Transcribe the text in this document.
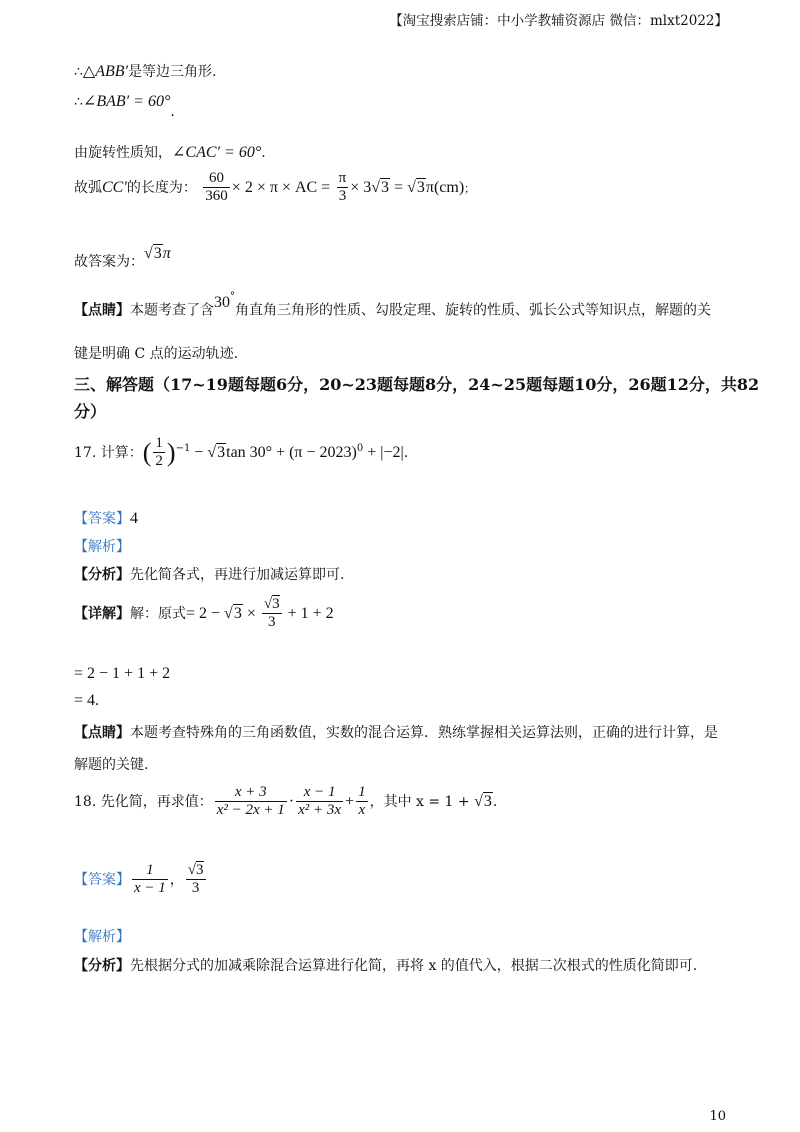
【淘宝搜索店铺：中小学教辅资源店 微信：mlxt2022】
∴△ABB′是等边三角形.
∴∠BAB′ = 60°.
由旋转性质知，∠CAC′ = 60°.
故弧CC′的长度为： $\frac{60}{360} \times 2 \times \pi$ × AC = $\frac{\pi}{3} \times 3√3 = √3\pi(cm)$；
故答案为：√3π
【点睛】本题考查了含30°角直角三角形的性质、勾股定理、旋转的性质、弧长公式等知识点，解题的关
键是明确 C 点的运动轨迹.
三、解答题（17~19题每题6分，20~23题每题8分，24~25题每题10分，26题12分，共82
分）
17. 计算：( $\frac{1}{2} )^{-1} - √3\tan$ $30^\circ + (\pi - 2023)^0 + |-2|$.
【答案】4
【解析】
【分析】先化简各式，再进行加减运算即可.
【详解】解：原式= $2 - √3 \times \frac{√3}{3} + 1 + 2$
= 2 − 1 + 1 + 2
= 4.
【点睛】本题考查特殊角的三角函数值，实数的混合运算．熟练掌握相关运算法则，正确的进行计算，是
解题的关键.
18. 先化简，再求值： $\frac{x + 3}{\text{x² − 2x + 1}} \cdot \frac{x - 1}{\text{x² + 3x}} + \frac{1}{x}$ ，其中 x = 1 + √3.
【答案】 $\frac{1}{x - 1}$ ， $\frac{√3}{3}$
【解析】
【分析】先根据分式的加减乘除混合运算进行化简，再将 x 的值代入，根据二次根式的性质化简即可.
10
